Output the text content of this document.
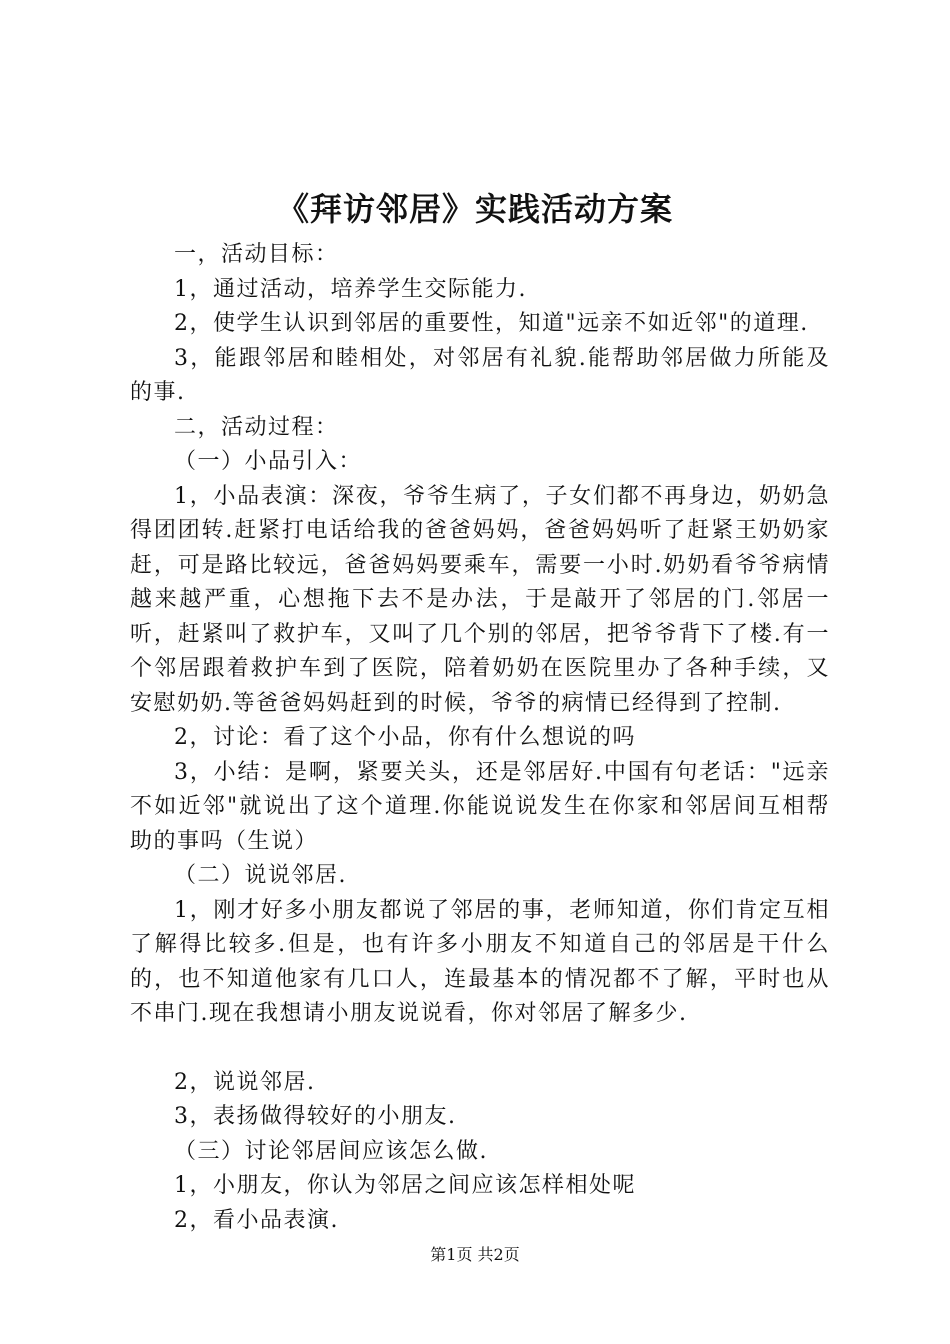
《拜访邻居》实践活动方案

一，活动目标：

1，通过活动，培养学生交际能力.

2，使学生认识到邻居的重要性，知道"远亲不如近邻"的道理.

3，能跟邻居和睦相处，对邻居有礼貌.能帮助邻居做力所能及的事.

二，活动过程：

（一）小品引入：

1，小品表演：深夜，爷爷生病了，子女们都不再身边，奶奶急得团团转.赶紧打电话给我的爸爸妈妈，爸爸妈妈听了赶紧王奶奶家赶，可是路比较远，爸爸妈妈要乘车，需要一小时.奶奶看爷爷病情越来越严重，心想拖下去不是办法，于是敲开了邻居的门.邻居一听，赶紧叫了救护车，又叫了几个别的邻居，把爷爷背下了楼.有一个邻居跟着救护车到了医院，陪着奶奶在医院里办了各种手续，又安慰奶奶.等爸爸妈妈赶到的时候，爷爷的病情已经得到了控制.

2，讨论：看了这个小品，你有什么想说的吗

3，小结：是啊，紧要关头，还是邻居好.中国有句老话："远亲不如近邻"就说出了这个道理.你能说说发生在你家和邻居间互相帮助的事吗（生说）

（二）说说邻居.

1，刚才好多小朋友都说了邻居的事，老师知道，你们肯定互相了解得比较多.但是，也有许多小朋友不知道自己的邻居是干什么的，也不知道他家有几口人，连最基本的情况都不了解，平时也从不串门.现在我想请小朋友说说看，你对邻居了解多少.

2，说说邻居.

3，表扬做得较好的小朋友.

（三）讨论邻居间应该怎么做.

1，小朋友，你认为邻居之间应该怎样相处呢

2，看小品表演.

第1页 共2页
